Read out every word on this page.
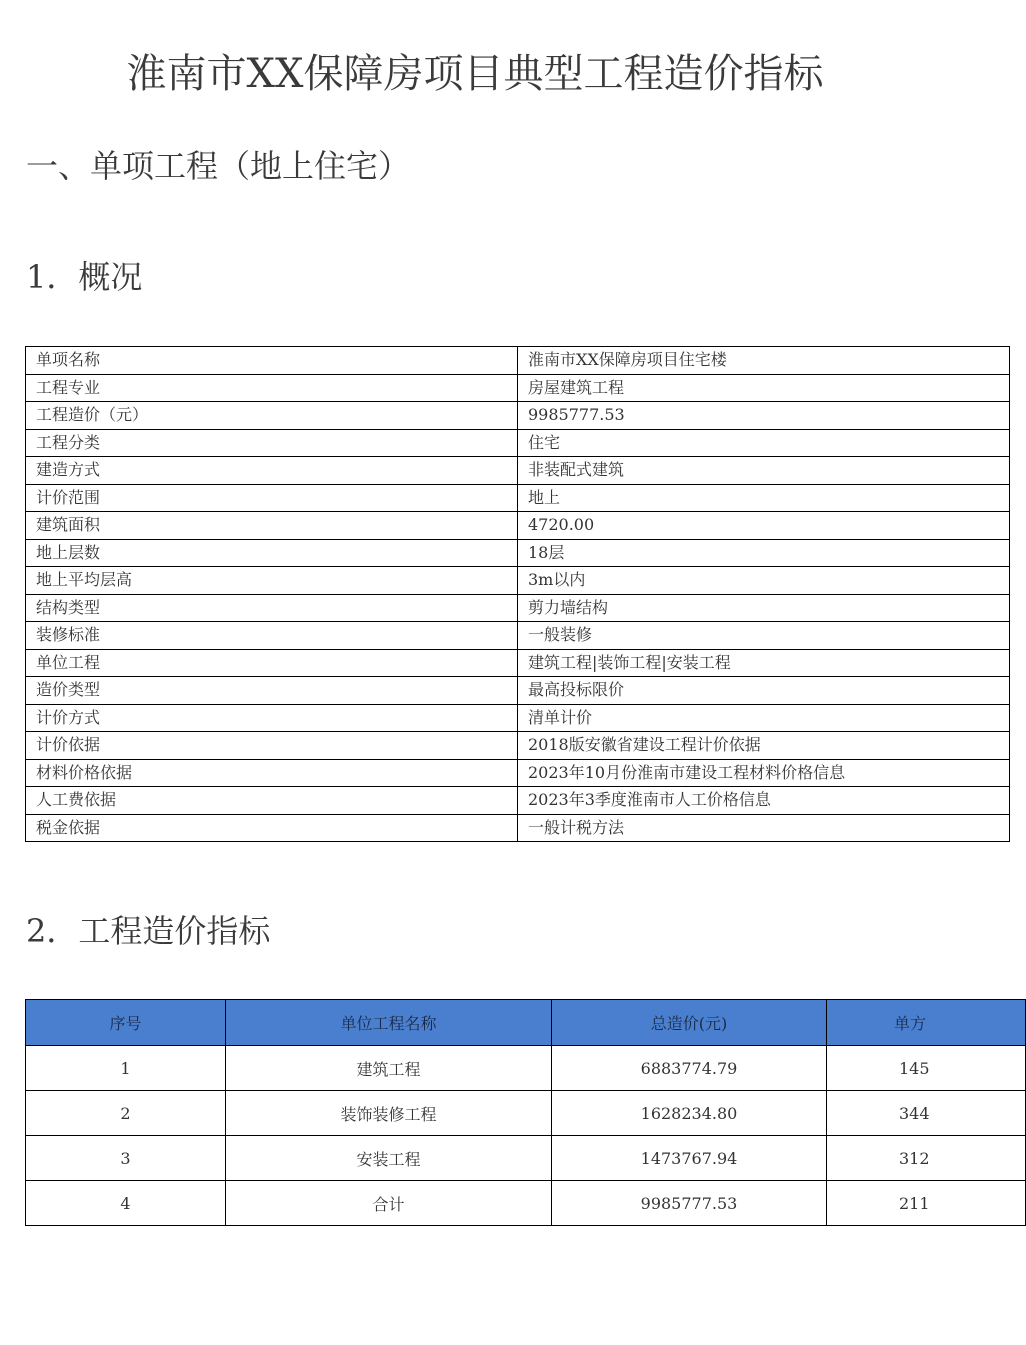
淮南市XX保障房项目典型工程造价指标
一、单项工程（地上住宅）
1．概况
单项名称	淮南市XX保障房项目住宅楼
工程专业	房屋建筑工程
工程造价（元）	9985777.53
工程分类	住宅
建造方式	非装配式建筑
计价范围	地上
建筑面积	4720.00
地上层数	18层
地上平均层高	3m以内
结构类型	剪力墙结构
装修标准	一般装修
单位工程	建筑工程|装饰工程|安装工程
造价类型	最高投标限价
计价方式	清单计价
计价依据	2018版安徽省建设工程计价依据
材料价格依据	2023年10月份淮南市建设工程材料价格信息
人工费依据	2023年3季度淮南市人工价格信息
税金依据	一般计税方法
2．工程造价指标
序号	单位工程名称	总造价(元)	单方
1	建筑工程	6883774.79	145
2	装饰装修工程	1628234.80	344
3	安装工程	1473767.94	312
4	合计	9985777.53	211
